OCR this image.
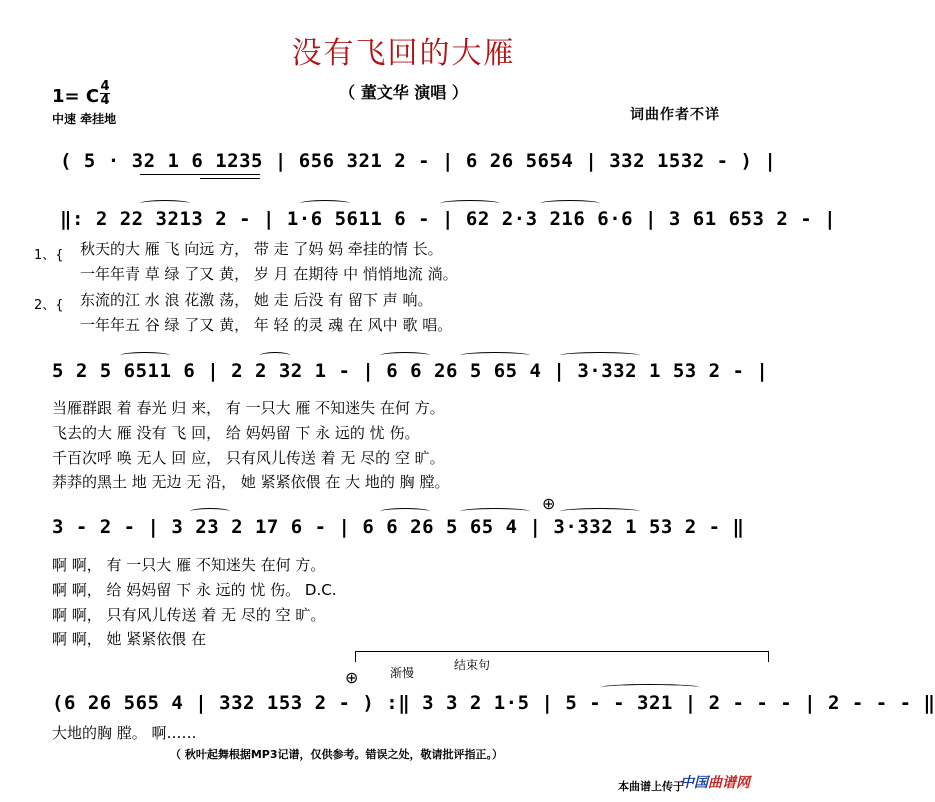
没有飞回的大雁
（ 董文华 演唱 ）
1= C 4
4
中速 牵挂地	词曲作者不详
( 5 · 32 1 6 1235 | 656 321 2 - | 6 26 5654 | 332 1532 - ) |
‖: 2 22 3213 2 - | 1·6 5611 6 - | 62 2·3 216 6·6 | 3 61 653 2 - |
1、{
2、{
秋天的大 雁 飞 向远 方， 带 走 了妈 妈 牵挂的情 长。
一年年青 草 绿 了又 黄， 岁 月 在期待 中 悄悄地流 淌。
东流的江 水 浪 花激 荡， 她 走 后没 有 留下 声 响。
一年年五 谷 绿 了又 黄， 年 轻 的灵 魂 在 风中 歌 唱。
5 2 5 6511 6 | 2 2 32 1 - | 6 6 26 5 65 4 | 3·332 1 53 2 - |
当雁群跟 着 春光 归 来， 有 一只大 雁 不知迷失 在何 方。
飞去的大 雁 没有 飞 回， 给 妈妈留 下 永 远的 忧 伤。
千百次呼 唤 无人 回 应， 只有风儿传送 着 无 尽的 空 旷。
莽莽的黑土 地 无边 无 沿， 她 紧紧依偎 在 大 地的 胸 膛。
⊕
3 - 2 - | 3 23 2 17 6 - | 6 6 26 5 65 4 | 3·332 1 53 2 - ‖
啊 啊， 有 一只大 雁 不知迷失 在何 方。
啊 啊， 给 妈妈留 下 永 远的 忧 伤。 D.C.
啊 啊， 只有风儿传送 着 无 尽的 空 旷。
啊 啊， 她 紧紧依偎 在
渐慢
结束句
⊕
(6 26 565 4 | 332 153 2 - ) :‖ 3 3 2 1·5 | 5 - - 321 | 2 - - - | 2 - - - ‖
大地的胸 膛。 啊……
（ 秋叶起舞根据MP3记谱，仅供参考。错误之处，敬请批评指正。）
本曲谱上传于
中国曲谱网
